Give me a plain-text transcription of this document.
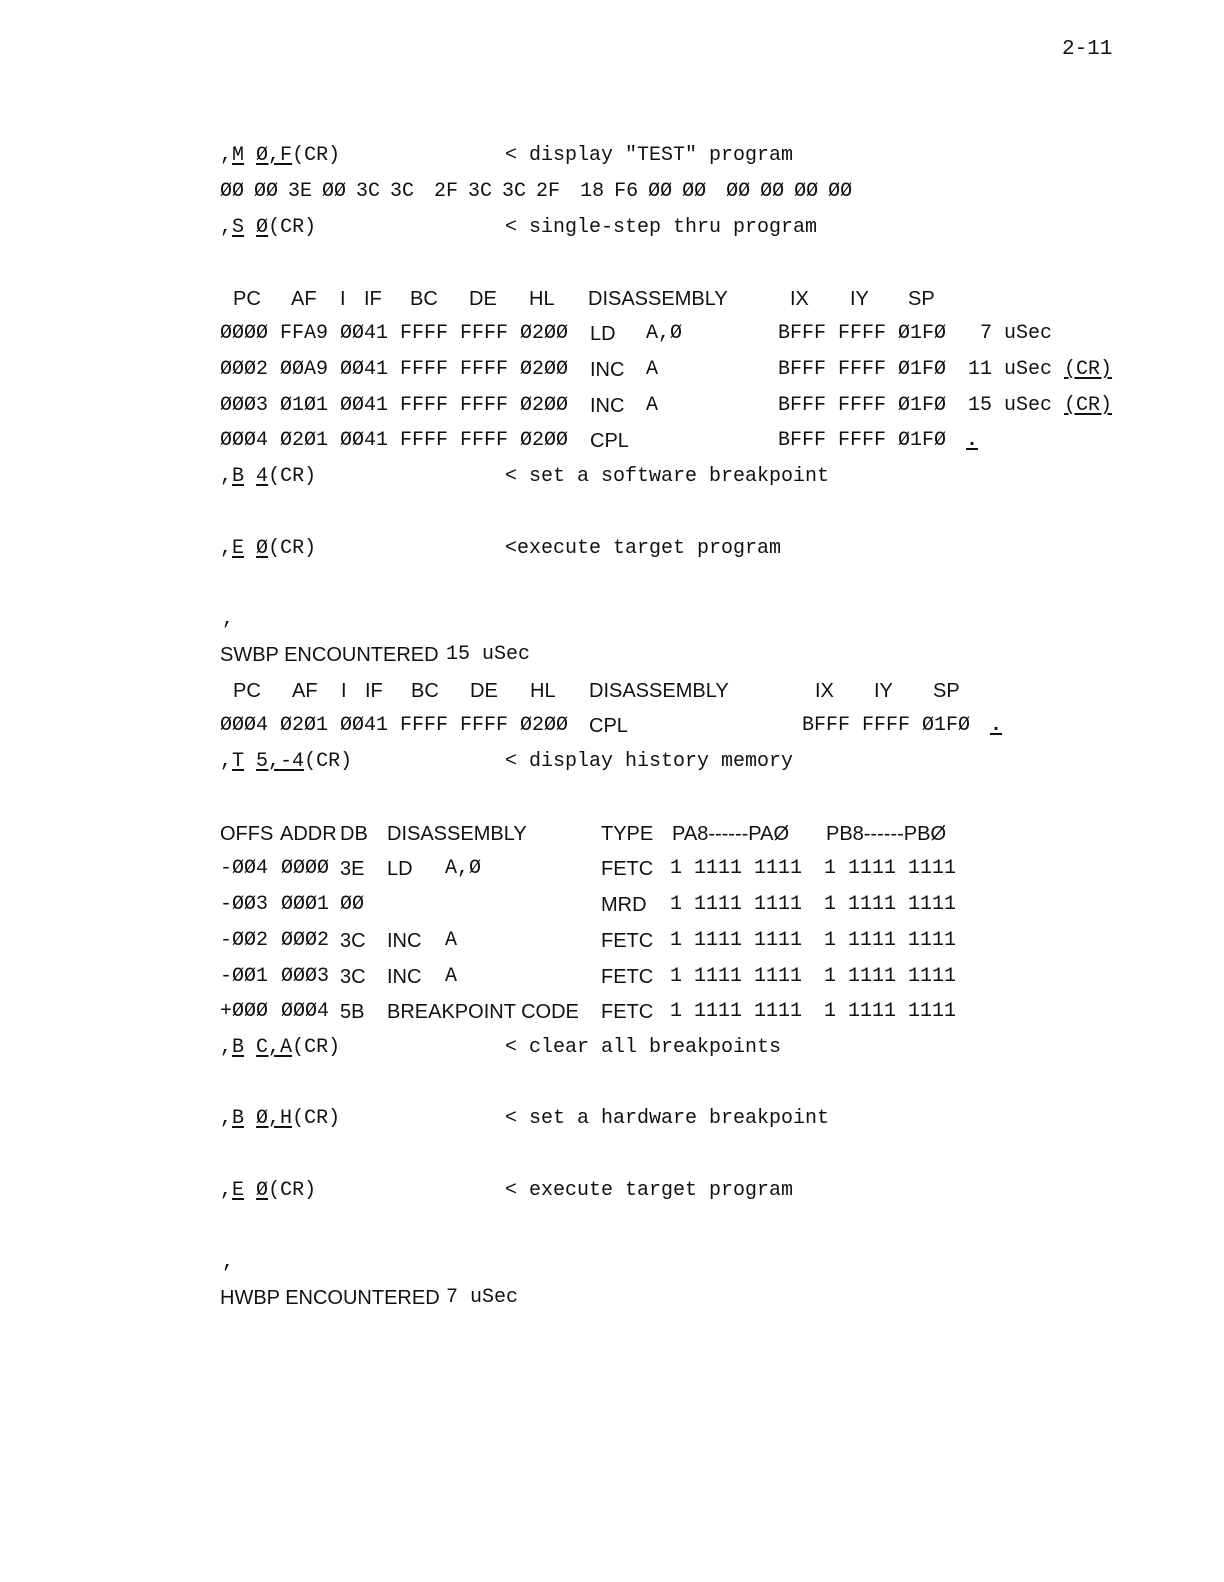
2-11
,M Ø,F(CR)	< display "TEST" program
ØØ ØØ 3E ØØ 3C 3C  2F 3C 3C 2F  18 F6 ØØ ØØ  ØØ ØØ ØØ ØØ
,S Ø(CR)	< single-step thru program
PC AF I IF BC DE HL DISASSEMBLY	IX IY SP
ØØØØ FFA9 ØØ41 FFFF FFFF Ø2ØØ LD A,Ø	BFFF FFFF Ø1FØ 7 uSec
ØØØ2 ØØA9 ØØ41 FFFF FFFF Ø2ØØ INC A	BFFF FFFF Ø1FØ 11 uSec (CR)
ØØØ3 Ø1Ø1 ØØ41 FFFF FFFF Ø2ØØ INC A	BFFF FFFF Ø1FØ 15 uSec (CR)
ØØØ4 Ø2Ø1 ØØ41 FFFF FFFF Ø2ØØ CPL	BFFF FFFF Ø1FØ .
,B 4(CR)	< set a software breakpoint
,E Ø(CR)	<execute target program
,
SWBP ENCOUNTERED 15 uSec
PC AF I IF BC DE HL DISASSEMBLY	IX IY SP
ØØØ4 Ø2Ø1 ØØ41 FFFF FFFF Ø2ØØ CPL	BFFF FFFF Ø1FØ .
,T 5,-4(CR)	< display history memory
OFFS ADDR DB DISASSEMBLY	TYPE PA8------PAØ PB8------PBØ
-ØØ4 ØØØØ 3E LD A,Ø	FETC 1 1111 1111 1 1111 1111
-ØØ3 ØØØ1 ØØ	MRD 1 1111 1111 1 1111 1111
-ØØ2 ØØØ2 3C INC A	FETC 1 1111 1111 1 1111 1111
-ØØ1 ØØØ3 3C INC A	FETC 1 1111 1111 1 1111 1111
+ØØØ ØØØ4 5B BREAKPOINT CODE FETC 1 1111 1111 1 1111 1111
,B C,A(CR)	< clear all breakpoints
,B Ø,H(CR)	< set a hardware breakpoint
,E Ø(CR)	< execute target program
,
HWBP ENCOUNTERED 7 uSec
